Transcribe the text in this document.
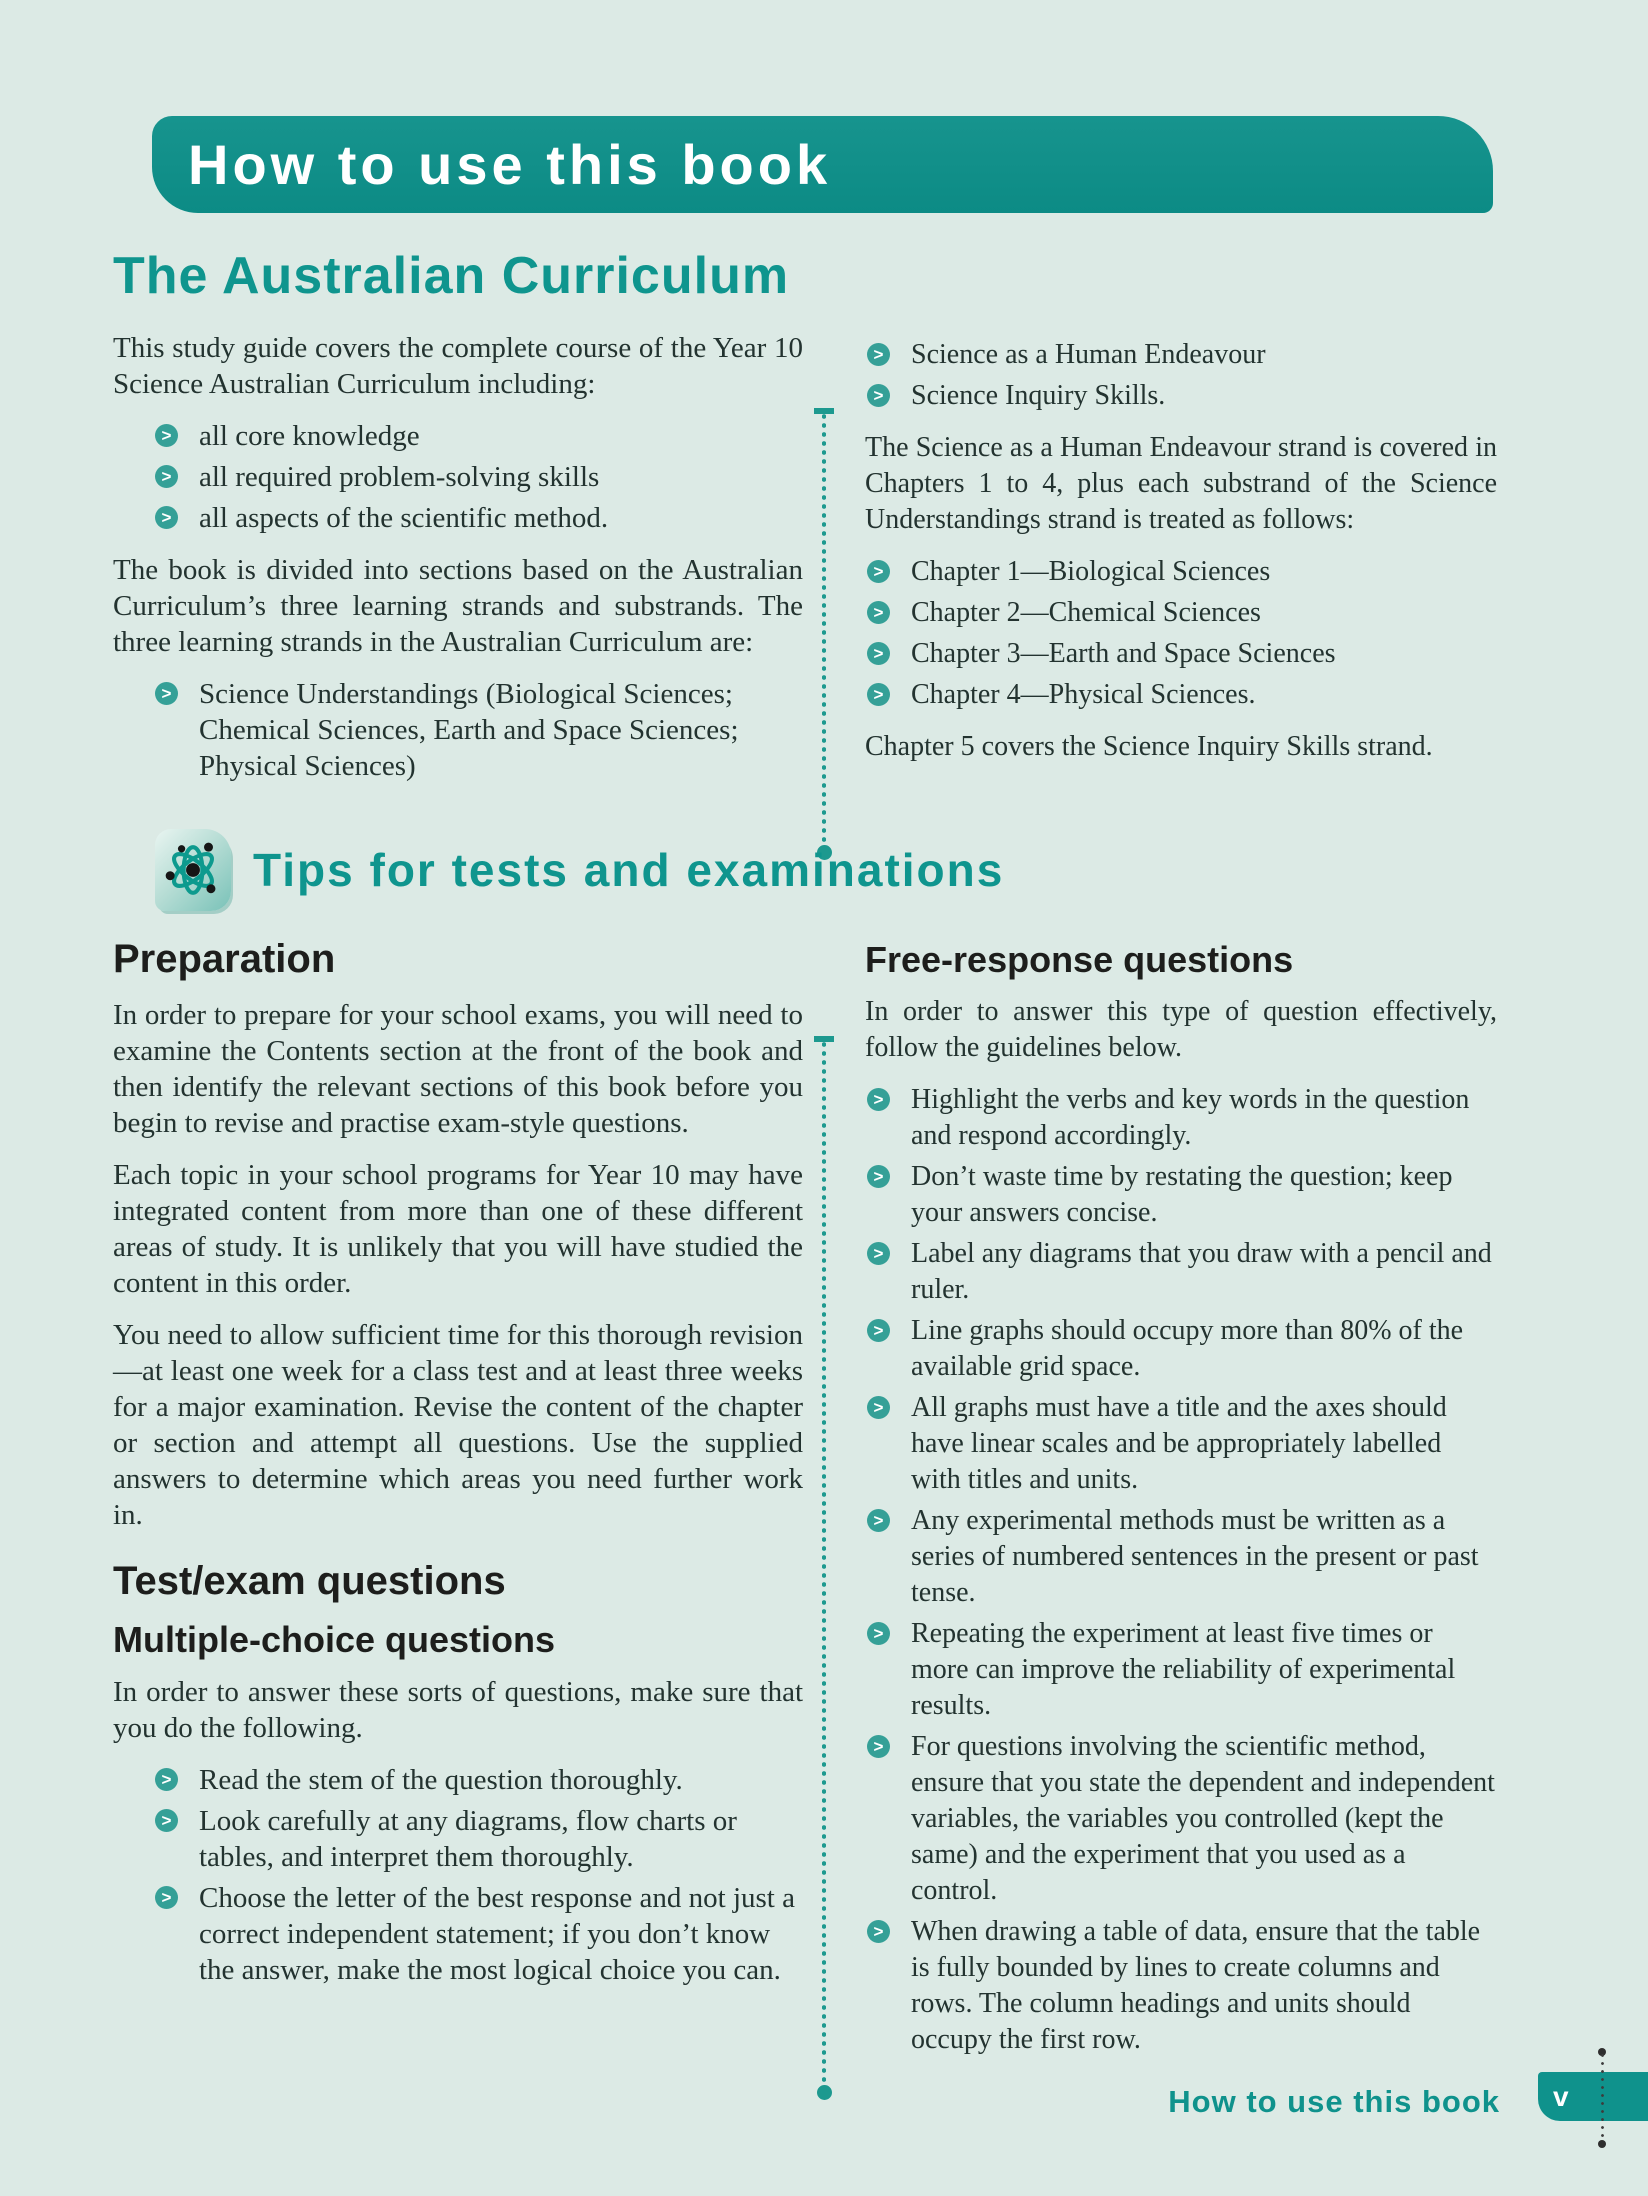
How to use this book
The Australian Curriculum

This study guide covers the complete course of the Year 10 Science Australian Curriculum including:

> all core knowledge
> all required problem-solving skills
> all aspects of the scientific method.

The book is divided into sections based on the Australian Curriculum’s three learning strands and substrands. The three learning strands in the Australian Curriculum are:

> Science Understandings (Biological Sciences; Chemical Sciences, Earth and Space Sciences; Physical Sciences)
> Science as a Human Endeavour
> Science Inquiry Skills.

The Science as a Human Endeavour strand is covered in Chapters 1 to 4, plus each substrand of the Science Understandings strand is treated as follows:

> Chapter 1—Biological Sciences
> Chapter 2—Chemical Sciences
> Chapter 3—Earth and Space Sciences
> Chapter 4—Physical Sciences.

Chapter 5 covers the Science Inquiry Skills strand.

Tips for tests and examinations
Preparation

In order to prepare for your school exams, you will need to examine the Contents section at the front of the book and then identify the relevant sections of this book before you begin to revise and practise exam-style questions.

Each topic in your school programs for Year 10 may have integrated content from more than one of these different areas of study. It is unlikely that you will have studied the content in this order.

You need to allow sufficient time for this thorough revision—at least one week for a class test and at least three weeks for a major examination. Revise the content of the chapter or section and attempt all questions. Use the supplied answers to determine which areas you need further work in.

Test/exam questions
Multiple-choice questions

In order to answer these sorts of questions, make sure that you do the following.

> Read the stem of the question thoroughly.
> Look carefully at any diagrams, flow charts or tables, and interpret them thoroughly.
> Choose the letter of the best response and not just a correct independent statement; if you don’t know the answer, make the most logical choice you can.
Free-response questions

In order to answer this type of question effectively, follow the guidelines below.

> Highlight the verbs and key words in the question and respond accordingly.
> Don’t waste time by restating the question; keep your answers concise.
> Label any diagrams that you draw with a pencil and ruler.
> Line graphs should occupy more than 80% of the available grid space.
> All graphs must have a title and the axes should have linear scales and be appropriately labelled with titles and units.
> Any experimental methods must be written as a series of numbered sentences in the present or past tense.
> Repeating the experiment at least five times or more can improve the reliability of experimental results.
> For questions involving the scientific method, ensure that you state the dependent and independent variables, the variables you controlled (kept the same) and the experiment that you used as a control.
> When drawing a table of data, ensure that the table is fully bounded by lines to create columns and rows. The column headings and units should occupy the first row.
How to use this book v
